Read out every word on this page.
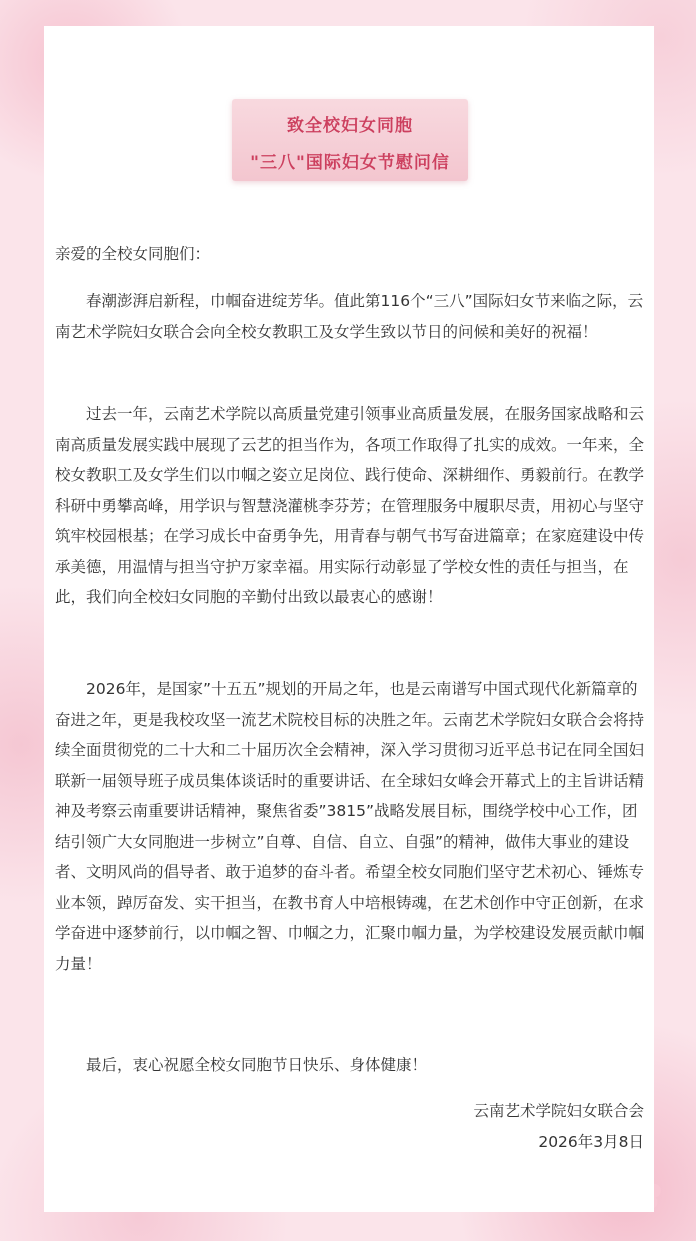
致全校妇女同胞
"三八"国际妇女节慰问信
亲爱的全校女同胞们：

春潮澎湃启新程，巾帼奋进绽芳华。值此第116个“三八”国际妇女节来临之际，云南艺术学院妇女联合会向全校女教职工及女学生致以节日的问候和美好的祝福！

过去一年，云南艺术学院以高质量党建引领事业高质量发展，在服务国家战略和云南高质量发展实践中展现了云艺的担当作为，各项工作取得了扎实的成效。一年来，全校女教职工及女学生们以巾帼之姿立足岗位、践行使命、深耕细作、勇毅前行。在教学科研中勇攀高峰，用学识与智慧浇灌桃李芬芳；在管理服务中履职尽责，用初心与坚守筑牢校园根基；在学习成长中奋勇争先，用青春与朝气书写奋进篇章；在家庭建设中传承美德，用温情与担当守护万家幸福。用实际行动彰显了学校女性的责任与担当，在此，我们向全校妇女同胞的辛勤付出致以最衷心的感谢！

2026年，是国家”十五五”规划的开局之年，也是云南谱写中国式现代化新篇章的奋进之年，更是我校攻坚一流艺术院校目标的决胜之年。云南艺术学院妇女联合会将持续全面贯彻党的二十大和二十届历次全会精神，深入学习贯彻习近平总书记在同全国妇联新一届领导班子成员集体谈话时的重要讲话、在全球妇女峰会开幕式上的主旨讲话精神及考察云南重要讲话精神，聚焦省委”3815”战略发展目标，围绕学校中心工作，团结引领广大女同胞进一步树立”自尊、自信、自立、自强”的精神，做伟大事业的建设者、文明风尚的倡导者、敢于追梦的奋斗者。希望全校女同胞们坚守艺术初心、锤炼专业本领，踔厉奋发、实干担当，在教书育人中培根铸魂，在艺术创作中守正创新，在求学奋进中逐梦前行，以巾帼之智、巾帼之力，汇聚巾帼力量，为学校建设发展贡献巾帼力量！

最后，衷心祝愿全校女同胞节日快乐、身体健康！

云南艺术学院妇女联合会
2026年3月8日
